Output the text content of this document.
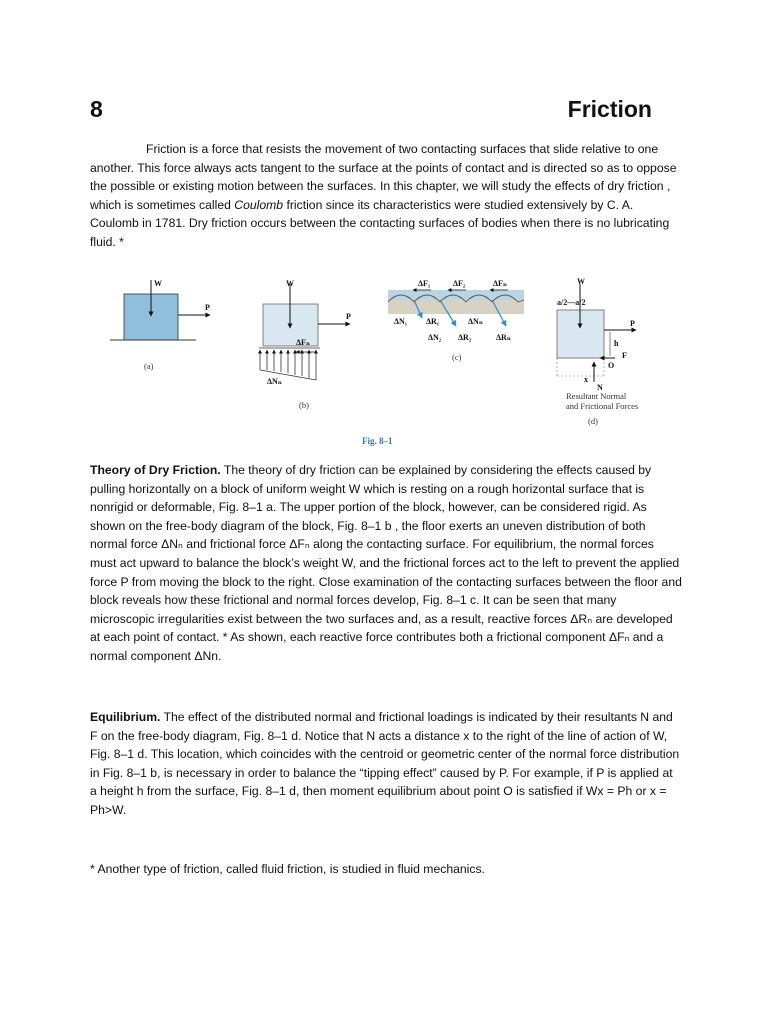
8	Friction

Friction is a force that resists the movement of two contacting surfaces that slide relative to one another. This force always acts tangent to the surface at the points of contact and is directed so as to oppose the possible or existing motion between the surfaces. In this chapter, we will study the effects of dry friction , which is sometimes called Coulomb friction since its characteristics were studied extensively by C. A. Coulomb in 1781. Dry friction occurs between the contacting surfaces of bodies when there is no lubricating fluid. *

W
P
(a)
W
P
ΔFₙ
ΔNₙ
(b)
ΔF₁	ΔF₂	ΔFₙ
ΔN₁ ΔR₁	ΔNₙ
ΔN₂ ΔR₂	ΔRₙ
(c)
W
a/2—a/2
P
h
F
O
x
N
Resultant Normal
and Frictional Forces
(d)
Fig. 8–1

Theory of Dry Friction. The theory of dry friction can be explained by considering the effects caused by pulling horizontally on a block of uniform weight W which is resting on a rough horizontal surface that is nonrigid or deformable, Fig. 8–1 a. The upper portion of the block, however, can be considered rigid. As shown on the free-body diagram of the block, Fig. 8–1 b , the floor exerts an uneven distribution of both normal force ΔNₙ and frictional force ΔFₙ along the contacting surface. For equilibrium, the normal forces must act upward to balance the block’s weight W, and the frictional forces act to the left to prevent the applied force P from moving the block to the right. Close examination of the contacting surfaces between the floor and block reveals how these frictional and normal forces develop, Fig. 8–1 c. It can be seen that many microscopic irregularities exist between the two surfaces and, as a result, reactive forces ΔRₙ are developed at each point of contact. * As shown, each reactive force contributes both a frictional component ΔFₙ and a normal component ΔNn.

Equilibrium. The effect of the distributed normal and frictional loadings is indicated by their resultants N and F on the free-body diagram, Fig. 8–1 d. Notice that N acts a distance x to the right of the line of action of W, Fig. 8–1 d. This location, which coincides with the centroid or geometric center of the normal force distribution in Fig. 8–1 b, is necessary in order to balance the “tipping effect” caused by P. For example, if P is applied at a height h from the surface, Fig. 8–1 d, then moment equilibrium about point O is satisfied if Wx = Ph or x = Ph>W.

* Another type of friction, called fluid friction, is studied in fluid mechanics.
